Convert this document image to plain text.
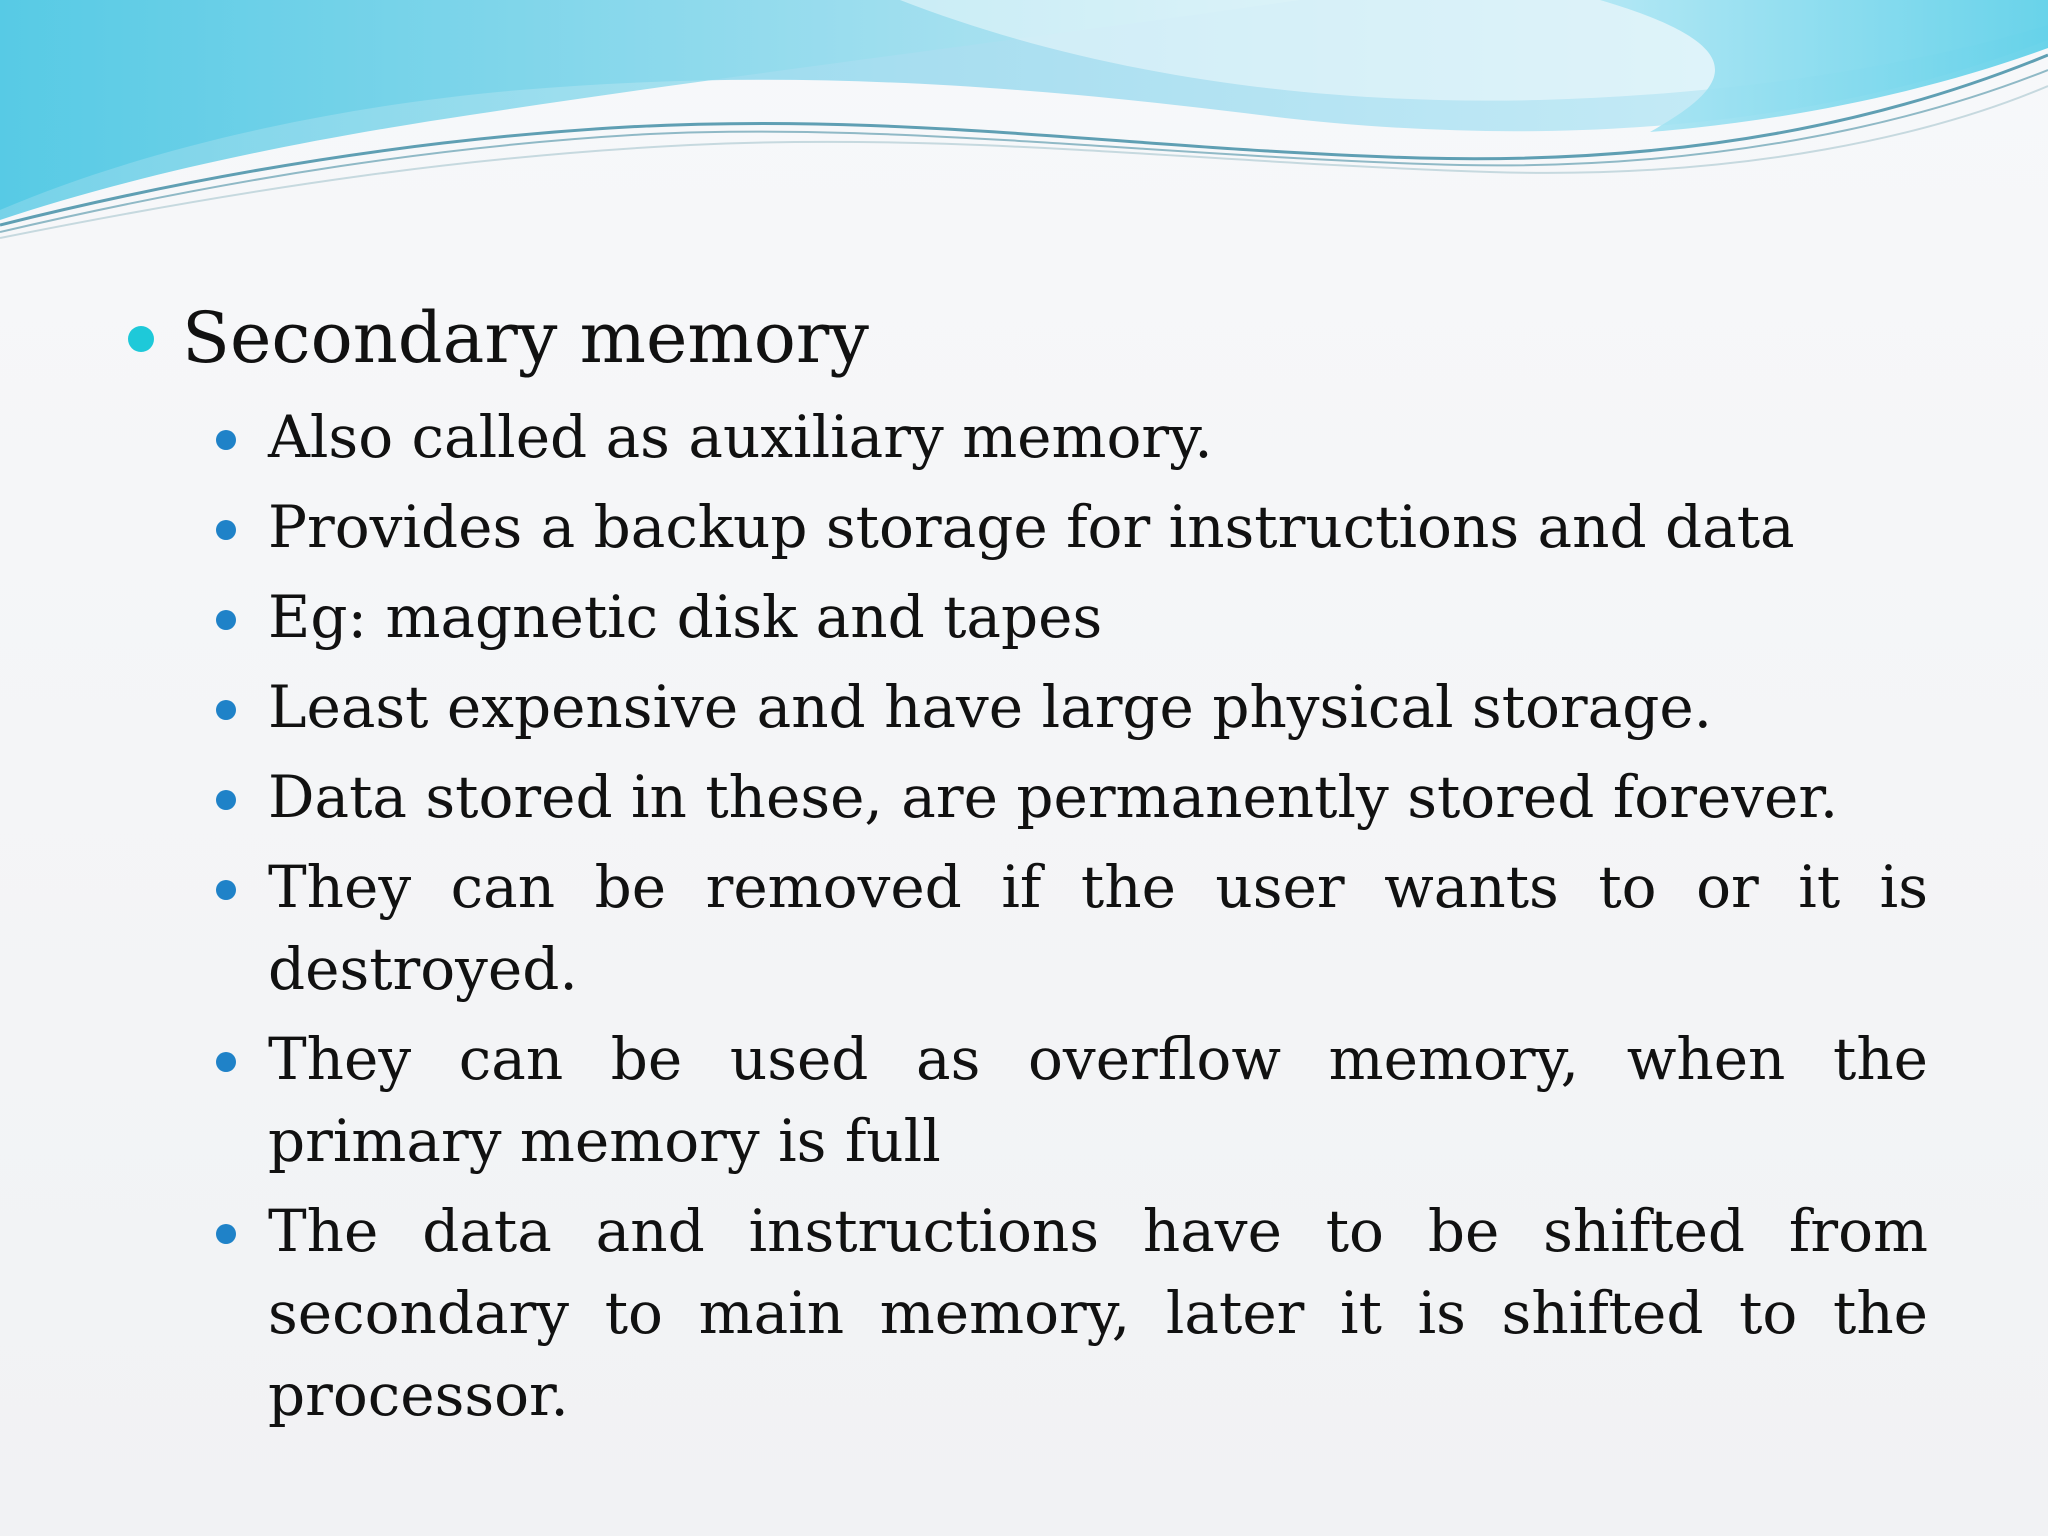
Secondary memory
Also called as auxiliary memory.
Provides a backup storage for instructions and data
Eg: magnetic disk and tapes
Least expensive and have large physical storage.
Data stored in these, are permanently stored forever.
They can be removed if the user wants to or it is destroyed.
They can be used as overflow memory, when the primary memory is full
The data and instructions have to be shifted from secondary to main memory, later it is shifted to the processor.
